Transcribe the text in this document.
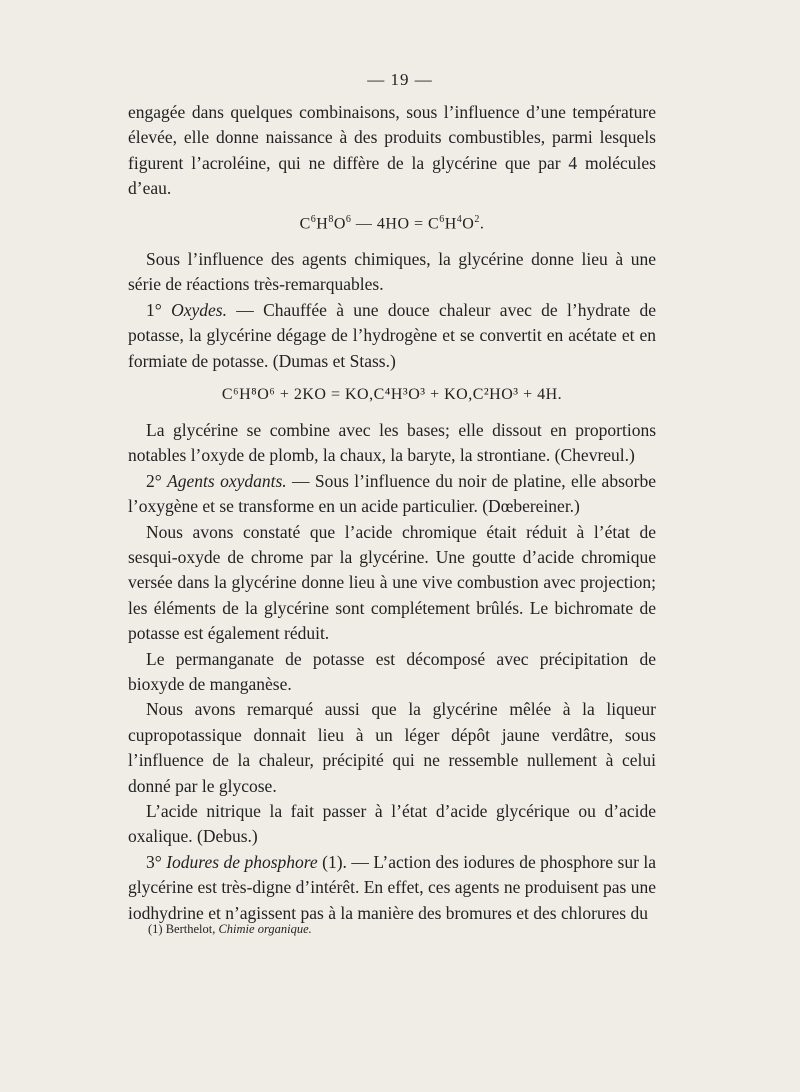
— 19 —

engagée dans quelques combinaisons, sous l’influence d’une température élevée, elle donne naissance à des produits combustibles, parmi lesquels figurent l’acroléine, qui ne diffère de la glycérine que par 4 molécules d’eau.

$C^6H^8O^6$ — $4HO = C^6H^4O^2$.

Sous l’influence des agents chimiques, la glycérine donne lieu à une série de réactions très-remarquables.

1° Oxydes. — Chauffée à une douce chaleur avec de l’hydrate de potasse, la glycérine dégage de l’hydrogène et se convertit en acétate et en formiate de potasse. (Dumas et Stass.)

C⁶H⁸O⁶ + 2KO = KO,C⁴H³O³ + KO,C²HO³ + 4H.

La glycérine se combine avec les bases; elle dissout en proportions notables l’oxyde de plomb, la chaux, la baryte, la strontiane. (Chevreul.)

2° Agents oxydants. — Sous l’influence du noir de platine, elle absorbe l’oxygène et se transforme en un acide particulier. (Dœbereiner.)

Nous avons constaté que l’acide chromique était réduit à l’état de sesqui-oxyde de chrome par la glycérine. Une goutte d’acide chromique versée dans la glycérine donne lieu à une vive combustion avec projection; les éléments de la glycérine sont complétement brûlés. Le bichromate de potasse est également réduit.

Le permanganate de potasse est décomposé avec précipitation de bioxyde de manganèse.

Nous avons remarqué aussi que la glycérine mêlée à la liqueur cupropotassique donnait lieu à un léger dépôt jaune verdâtre, sous l’influence de la chaleur, précipité qui ne ressemble nullement à celui donné par le glycose.

L’acide nitrique la fait passer à l’état d’acide glycérique ou d’acide oxalique. (Debus.)

3° Iodures de phosphore (1). — L’action des iodures de phosphore sur la glycérine est très-digne d’intérêt. En effet, ces agents ne produisent pas une iodhydrine et n’agissent pas à la manière des bromures et des chlorures du

(1) Berthelot, Chimie organique.
